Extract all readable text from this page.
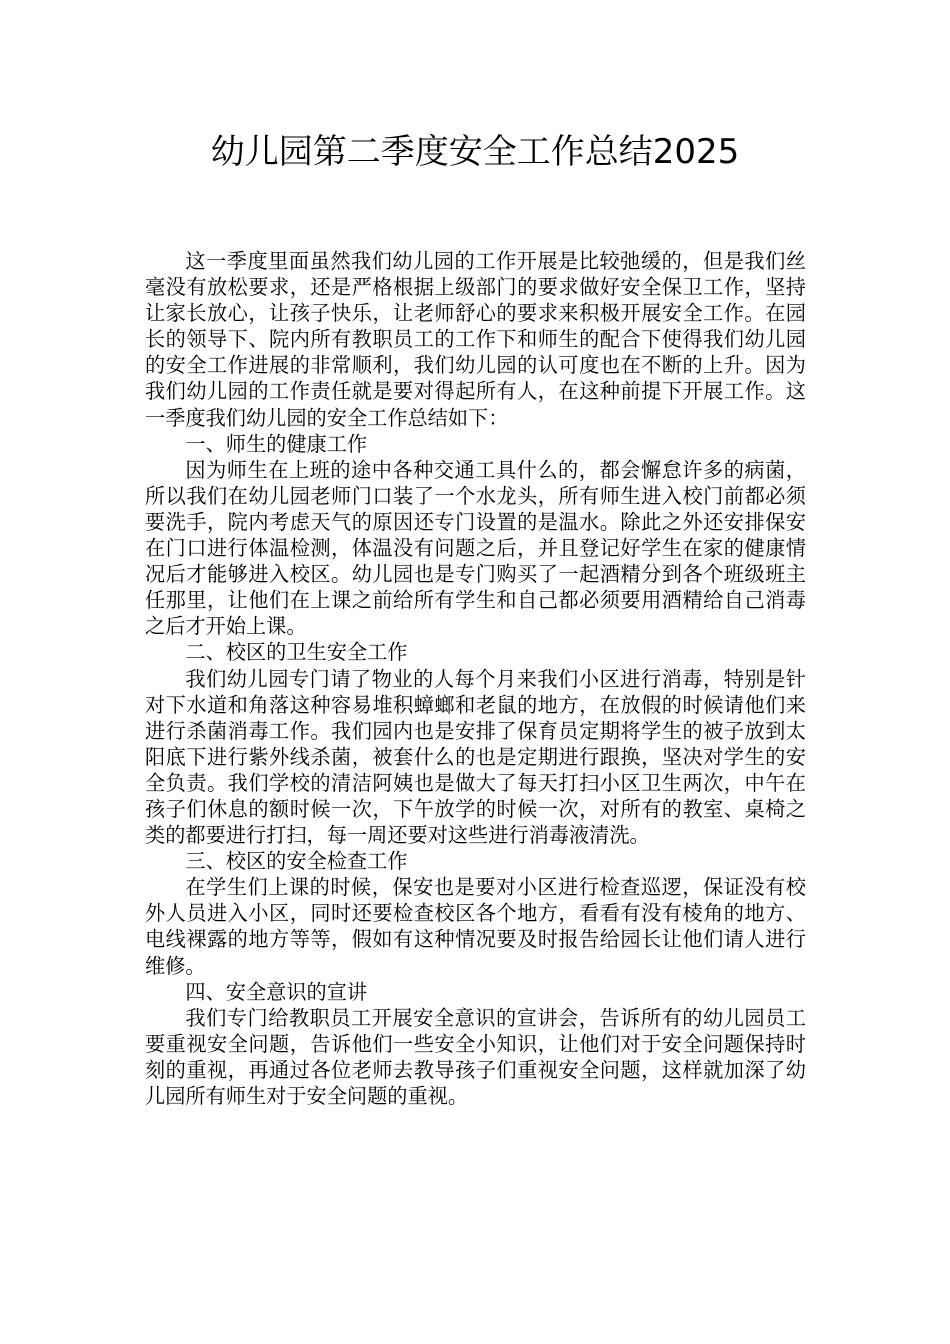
幼儿园第二季度安全工作总结2025

这一季度里面虽然我们幼儿园的工作开展是比较弛缓的，但是我们丝毫没有放松要求，还是严格根据上级部门的要求做好安全保卫工作，坚持让家长放心，让孩子快乐，让老师舒心的要求来积极开展安全工作。在园长的领导下、院内所有教职员工的工作下和师生的配合下使得我们幼儿园的安全工作进展的非常顺利，我们幼儿园的认可度也在不断的上升。因为我们幼儿园的工作责任就是要对得起所有人，在这种前提下开展工作。这一季度我们幼儿园的安全工作总结如下：

一、师生的健康工作

因为师生在上班的途中各种交通工具什么的，都会懈怠许多的病菌，所以我们在幼儿园老师门口装了一个水龙头，所有师生进入校门前都必须要洗手，院内考虑天气的原因还专门设置的是温水。除此之外还安排保安在门口进行体温检测，体温没有问题之后，并且登记好学生在家的健康情况后才能够进入校区。幼儿园也是专门购买了一起酒精分到各个班级班主任那里，让他们在上课之前给所有学生和自己都必须要用酒精给自己消毒之后才开始上课。

二、校区的卫生安全工作

我们幼儿园专门请了物业的人每个月来我们小区进行消毒，特别是针对下水道和角落这种容易堆积蟑螂和老鼠的地方，在放假的时候请他们来进行杀菌消毒工作。我们园内也是安排了保育员定期将学生的被子放到太阳底下进行紫外线杀菌，被套什么的也是定期进行跟换，坚决对学生的安全负责。我们学校的清洁阿姨也是做大了每天打扫小区卫生两次，中午在孩子们休息的额时候一次，下午放学的时候一次，对所有的教室、桌椅之类的都要进行打扫，每一周还要对这些进行消毒液清洗。

三、校区的安全检查工作

在学生们上课的时候，保安也是要对小区进行检查巡逻，保证没有校外人员进入小区，同时还要检查校区各个地方，看看有没有棱角的地方、电线裸露的地方等等，假如有这种情况要及时报告给园长让他们请人进行维修。

四、安全意识的宣讲

我们专门给教职员工开展安全意识的宣讲会，告诉所有的幼儿园员工要重视安全问题，告诉他们一些安全小知识，让他们对于安全问题保持时刻的重视，再通过各位老师去教导孩子们重视安全问题，这样就加深了幼儿园所有师生对于安全问题的重视。
